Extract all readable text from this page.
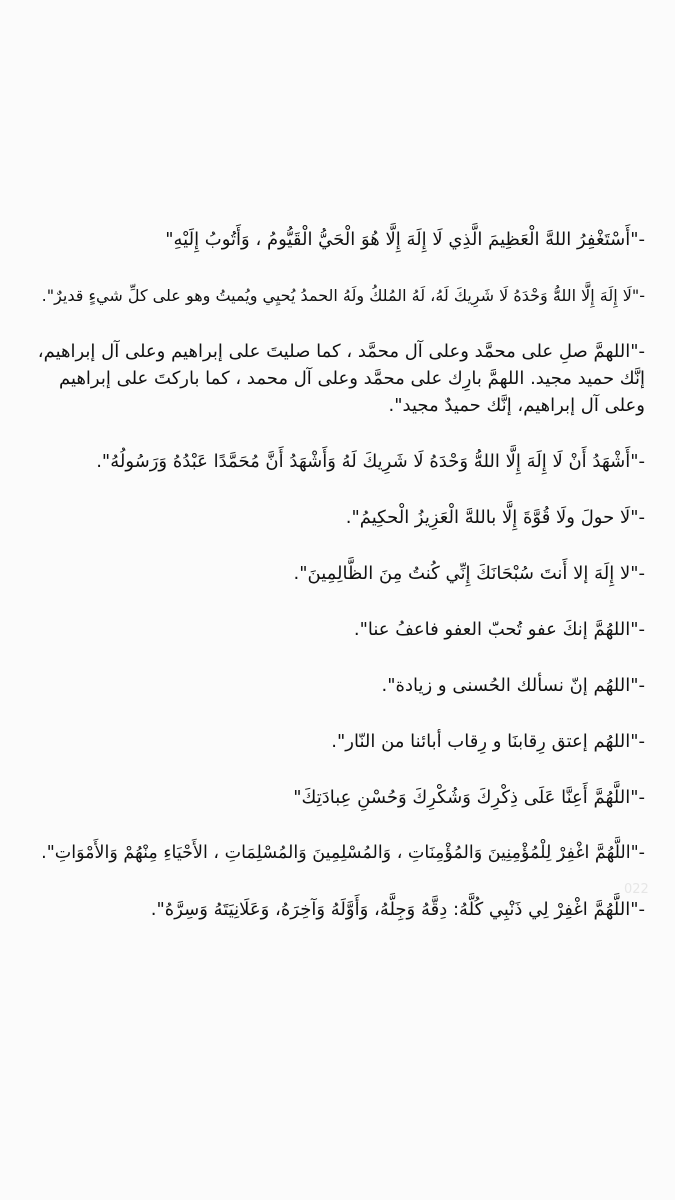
-"أَسْتَغْفِرُ اللهَّ الْعَظِيمَ الَّذِي لَا إِلَهَ إِلَّا هُوَ الْحَيُّ الْقَيُّومُ ، وَأَتُوبُ إِلَيْهِ"

-"لَا إِلَهَ إِلَّا اللهُّ وَحْدَهُ لَا شَرِيكَ لَهُ، لَهُ المُلكُ ولَهُ الحمدُ يُحيِي ويُميتُ وهو على كلِّ شيءٍ قديرٌ".

-"اللهمَّ صلِ على محمَّد وعلى آل محمَّد ، كما صليتَ على إبراهيم وعلى آل إبراهيم، إنَّك حميد مجيد. اللهمَّ بارِك على محمَّد وعلى آل محمد ، كما باركتَ على إبراهيم وعلى آل إبراهيم، إنَّك حميدٌ مجيد".

-"أَشْهَدُ أَنْ لَا إِلَهَ إِلَّا اللهُّ وَحْدَهُ لَا شَرِيكَ لَهُ وَأَشْهَدُ أَنَّ مُحَمَّدًا عَبْدُهُ وَرَسُولُهُ".

-"لَا حولَ ولَا قُوَّةَ إِلَّا باللهَّ الْعَزِيزُ الْحكِيمُ".

-"لا إِلَهَ إلا أَنتَ سُبْحَانَكَ إِنِّي كُنتُ مِنَ الظَّالِمِينَ".

-"اللهُمَّ إنكَ عفو تُحبّ العفو فاعفُ عنا".

-"اللهُم إنّ نسألك الحُسنى و زيادة".

-"اللهُم إعتق رِقابنَا و رِقاب أبائنا من النّار".

-"اللَّهُمَّ أَعِنَّا عَلَى ذِكْرِكَ وَشُكْرِكَ وَحُسْنِ عِبادَتِكَ"

-"اللَّهُمَّ اغْفِرْ لِلْمُؤْمِنِينَ وَالمُؤْمِنَاتِ ، وَالمُسْلِمِينَ وَالمُسْلِمَاتِ ، الأَحْيَاءِ مِنْهُمْ وَالأَمْوَاتِ".

-"اللَّهُمَّ اغْفِرْ لِي ذَنْبِي كُلَّهُ: دِقَّهُ وَجِلَّهُ، وَأَوَّلَهُ وَآخِرَهُ، وَعَلَانِيَتَهُ وَسِرَّهُ".

022
